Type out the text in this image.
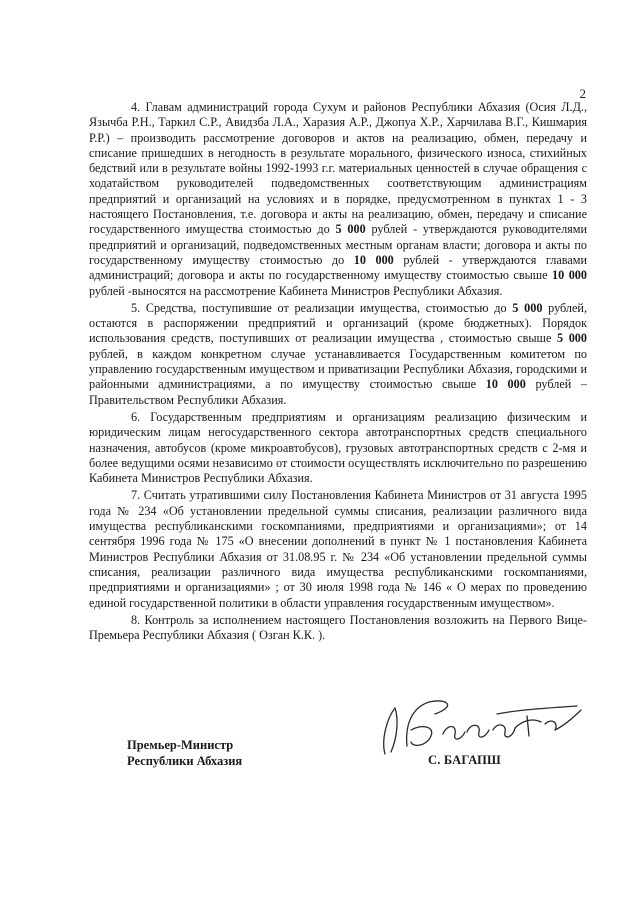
2

4. Главам администраций города Сухум и районов Республики Абхазия (Осия Л.Д., Язычба Р.Н., Таркил С.Р., Авидзба Л.А., Харазия А.Р., Джопуа Х.Р., Харчилава В.Г., Кишмария Р.Р.) – производить рассмотрение договоров и актов на реализацию, обмен, передачу и списание пришедших в негодность в результате морального, физического износа, стихийных бедствий или в результате войны 1992-1993 г.г. материальных ценностей в случае обращения с ходатайством руководителей подведомственных соответствующим администрациям предприятий и организаций на условиях и в порядке, предусмотренном в пунктах 1 - 3 настоящего Постановления, т.е. договора и акты на реализацию, обмен, передачу и списание государственного имущества стоимостью до 5 000 рублей - утверждаются руководителями предприятий и организаций, подведомственных местным органам власти; договора и акты по государственному имуществу стоимостью до 10 000 рублей - утверждаются главами администраций; договора и акты по государственному имуществу стоимостью свыше 10 000 рублей -выносятся на рассмотрение Кабинета Министров Республики Абхазия.

5. Средства, поступившие от реализации имущества, стоимостью до 5 000 рублей, остаются в распоряжении предприятий и организаций (кроме бюджетных). Порядок использования средств, поступивших от реализации имущества , стоимостью свыше 5 000 рублей, в каждом конкретном случае устанавливается Государственным комитетом по управлению государственным имуществом и приватизации Республики Абхазия, городскими и районными администрациями, а по имуществу стоимостью свыше 10 000 рублей – Правительством Республики Абхазия.

6. Государственным предприятиям и организациям реализацию физическим и юридическим лицам негосударственного сектора автотранспортных средств специального назначения, автобусов (кроме микроавтобусов), грузовых автотранспортных средств с 2-мя и более ведущими осями независимо от стоимости осуществлять исключительно по разрешению Кабинета Министров Республики Абхазия.

7. Считать утратившими силу Постановления Кабинета Министров от 31 августа 1995 года № 234 «Об установлении предельной суммы списания, реализации различного вида имущества республиканскими госкомпаниями, предприятиями и организациями»; от 14 сентября 1996 года № 175 «О внесении дополнений в пункт № 1 постановления Кабинета Министров Республики Абхазия от 31.08.95 г. № 234 «Об установлении предельной суммы списания, реализации различного вида имущества республиканскими госкомпаниями, предприятиями и организациями» ; от 30 июля 1998 года № 146 « О мерах по проведению единой государственной политики в области управления государственным имуществом».

8. Контроль за исполнением настоящего Постановления возложить на Первого Вице-Премьера Республики Абхазия ( Озган К.К. ).

Премьер-Министр
Республики Абхазия	С. БАГАПШ
